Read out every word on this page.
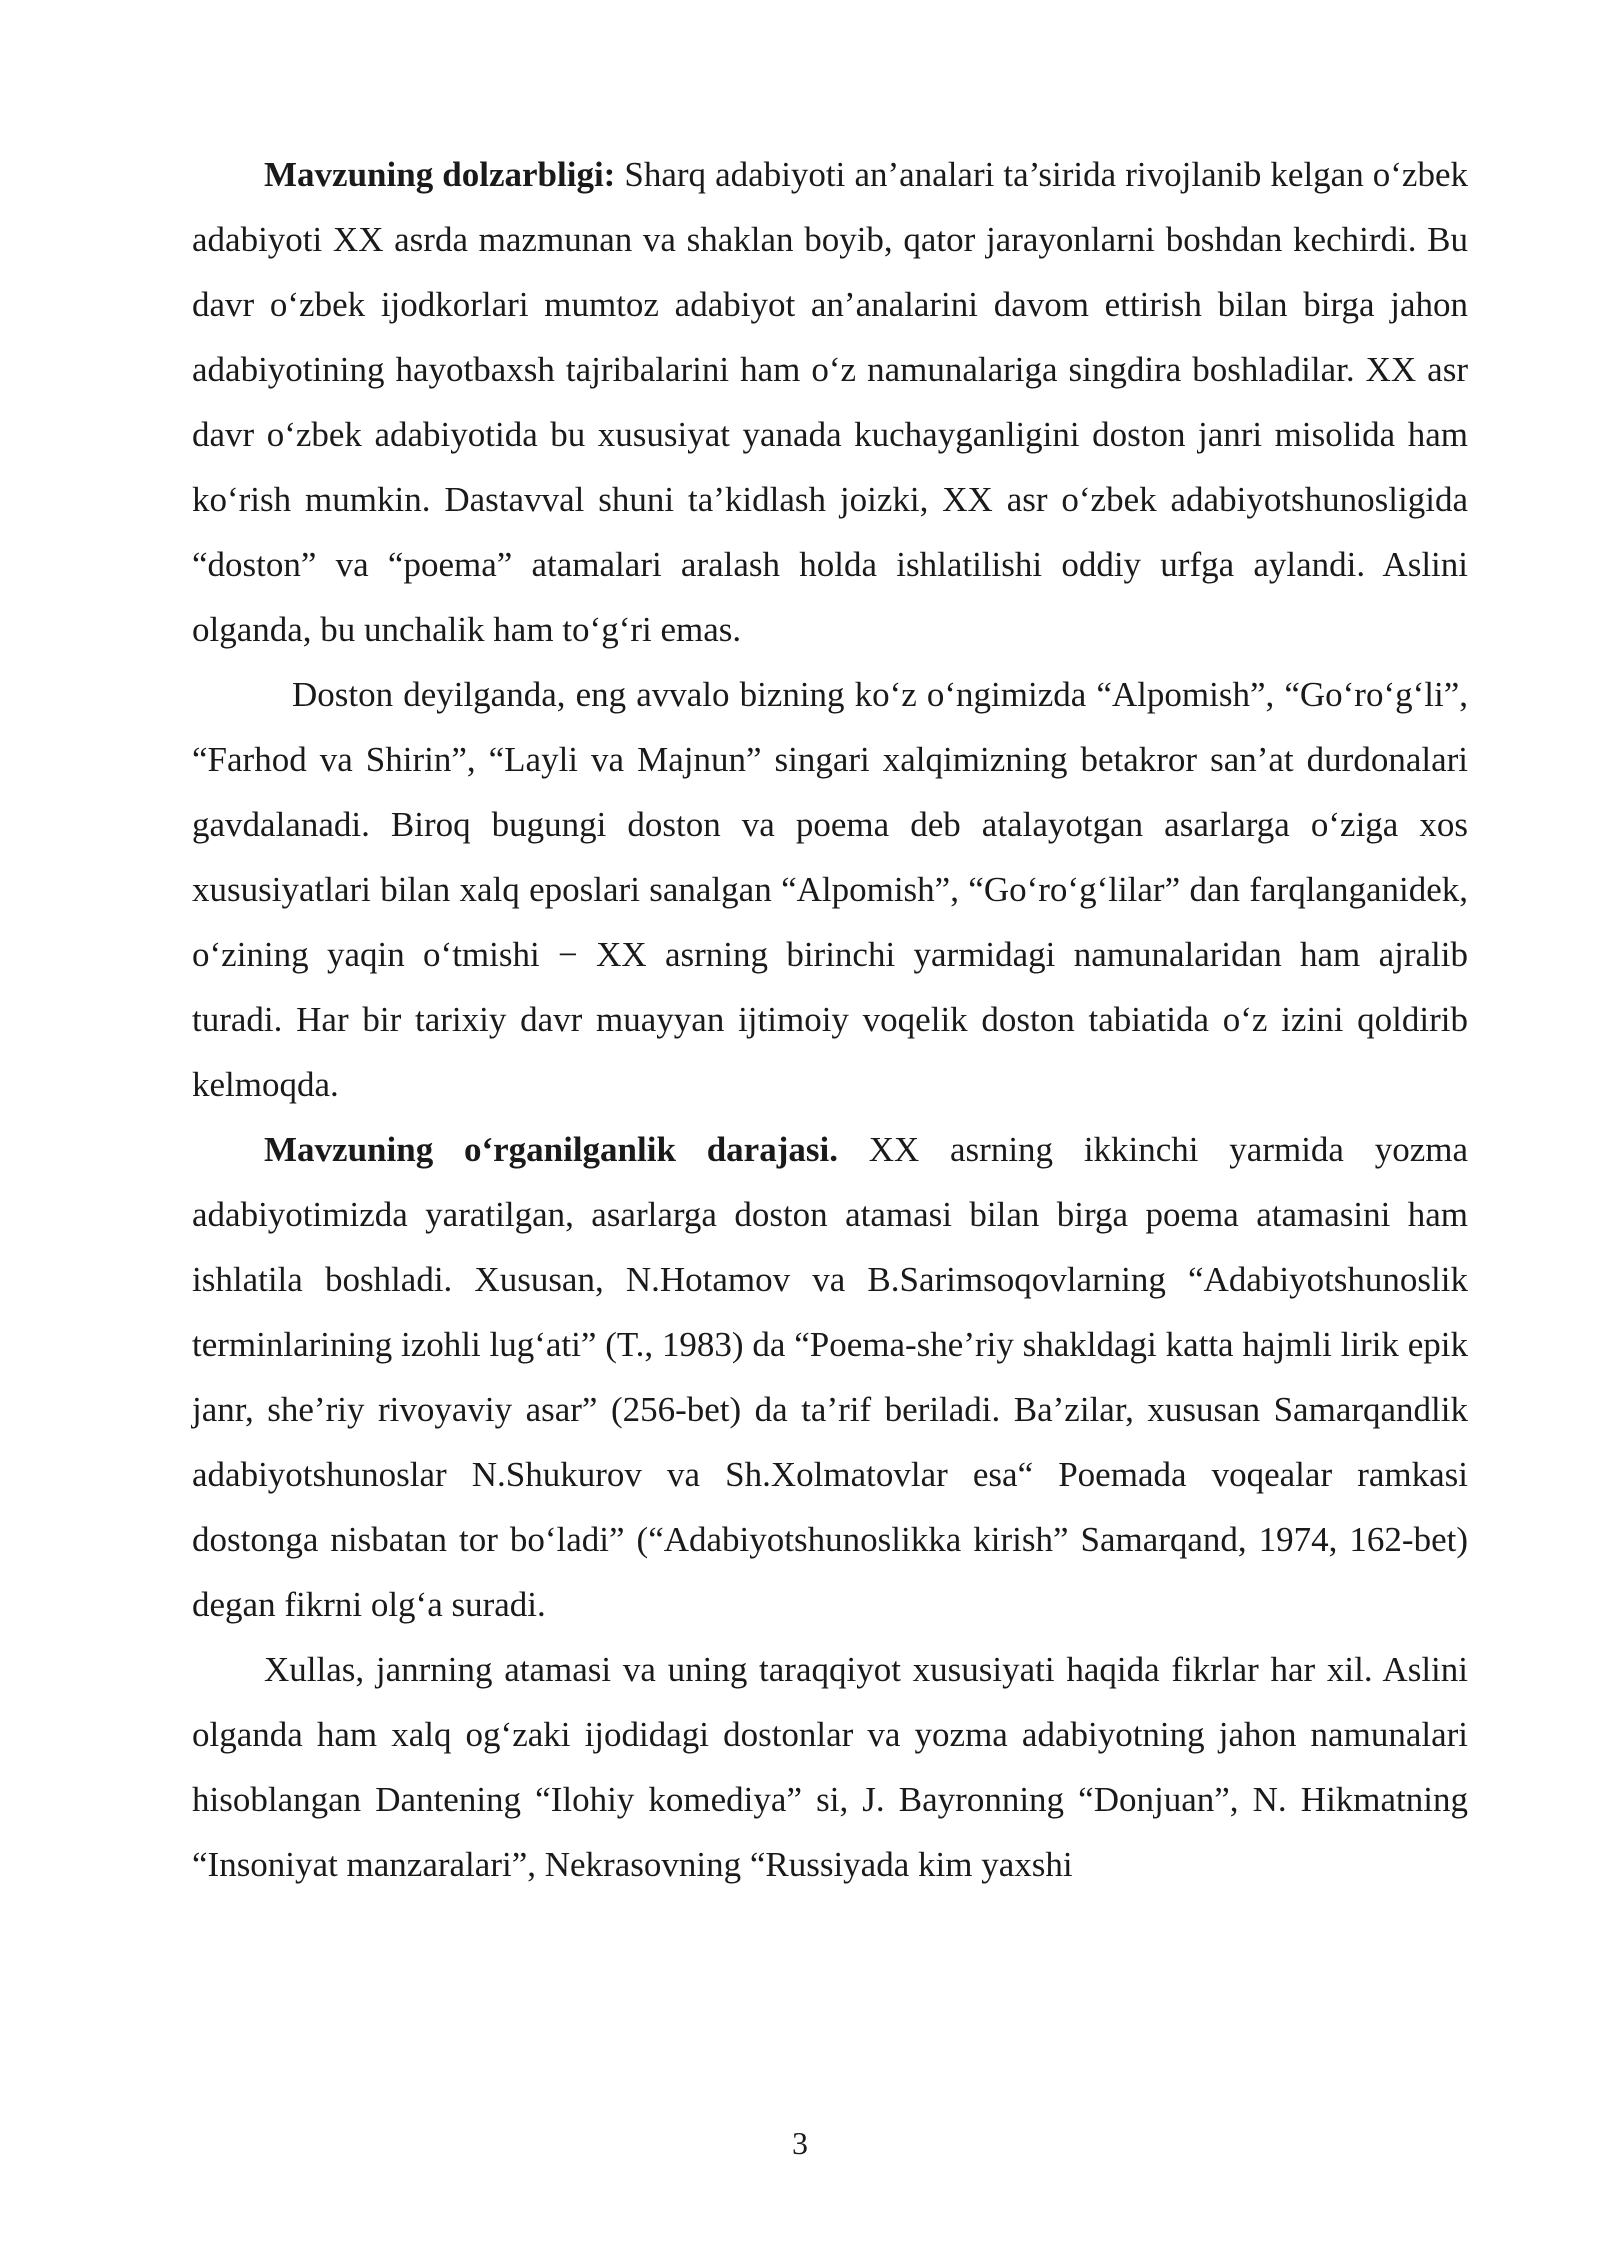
Mavzuning dolzarbligi: Sharq adabiyoti an’analari ta’sirida rivojlanib kelgan o‘zbek adabiyoti XX asrda mazmunan va shaklan boyib, qator jarayonlarni boshdan kechirdi. Bu davr o‘zbek ijodkorlari mumtoz adabiyot an’analarini davom ettirish bilan birga jahon adabiyotining hayotbaxsh tajribalarini ham o‘z namunalariga singdira boshladilar. XX asr davr o‘zbek adabiyotida bu xususiyat yanada kuchayganligini doston janri misolida ham ko‘rish mumkin. Dastavval shuni ta’kidlash joizki, XX asr o‘zbek adabiyotshunosligida “doston” va “poema” atamalari aralash holda ishlatilishi oddiy urfga aylandi. Aslini olganda, bu unchalik ham to‘g‘ri emas.

Doston deyilganda, eng avvalo bizning ko‘z o‘ngimizda “Alpomish”, “Go‘ro‘g‘li”, “Farhod va Shirin”, “Layli va Majnun” singari xalqimizning betakror san’at durdonalari gavdalanadi. Biroq bugungi doston va poema deb atalayotgan asarlarga o‘ziga xos xususiyatlari bilan xalq eposlari sanalgan “Alpomish”, “Go‘ro‘g‘lilar” dan farqlanganidek, o‘zining yaqin o‘tmishi − XX asrning birinchi yarmidagi namunalaridan ham ajralib turadi. Har bir tarixiy davr muayyan ijtimoiy voqelik doston tabiatida o‘z izini qoldirib kelmoqda.

Mavzuning o‘rganilganlik darajasi. XX asrning ikkinchi yarmida yozma adabiyotimizda yaratilgan, asarlarga doston atamasi bilan birga poema atamasini ham ishlatila boshladi. Xususan, N.Hotamov va B.Sarimsoqovlarning “Adabiyotshunoslik terminlarining izohli lug‘ati” (T., 1983) da “Poema-she’riy shakldagi katta hajmli lirik epik janr, she’riy rivoyaviy asar” (256-bet) da ta’rif beriladi. Ba’zilar, xususan Samarqandlik adabiyotshunoslar N.Shukurov va Sh.Xolmatovlar esa“ Poemada voqealar ramkasi dostonga nisbatan tor bo‘ladi” (“Adabiyotshunoslikka kirish” Samarqand, 1974, 162-bet) degan fikrni olg‘a suradi.

Xullas, janrning atamasi va uning taraqqiyot xususiyati haqida fikrlar har xil. Aslini olganda ham xalq og‘zaki ijodidagi dostonlar va yozma adabiyotning jahon namunalari hisoblangan Dantening “Ilohiy komediya” si, J. Bayronning “Donjuan”, N. Hikmatning “Insoniyat manzaralari”, Nekrasovning “Russiyada kim yaxshi

3
